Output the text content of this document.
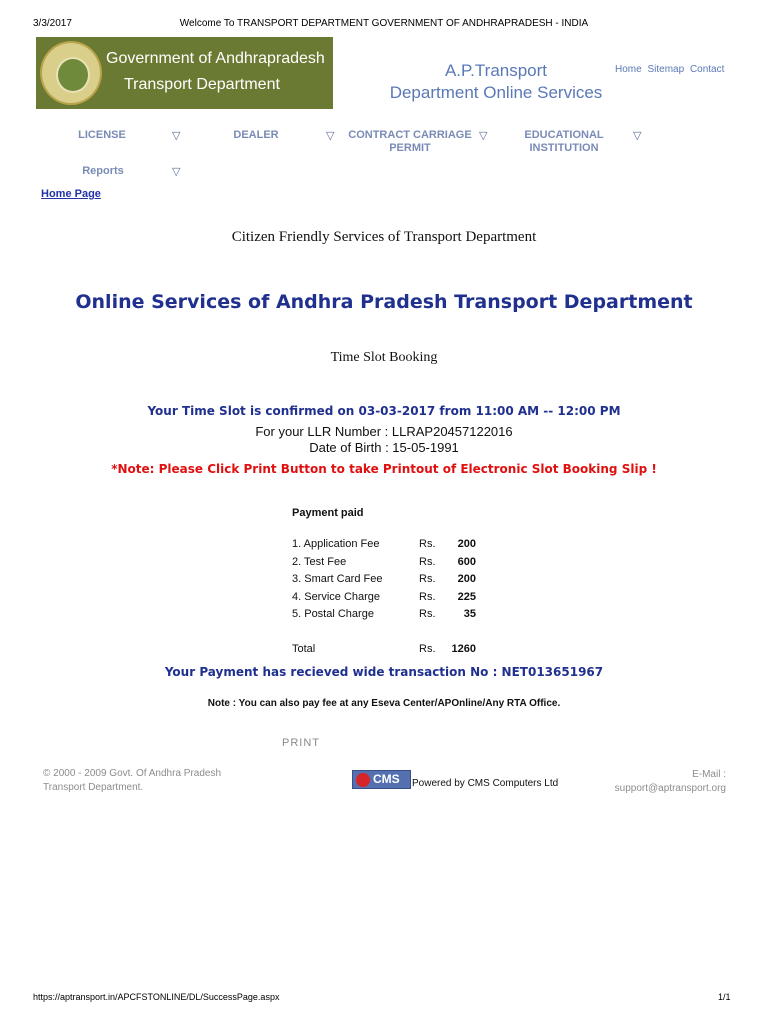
3/3/2017	Welcome To TRANSPORT DEPARTMENT GOVERNMENT OF ANDHRAPRADESH - INDIA
Government of Andhrapradesh
Transport Department
A.P.Transport
Department Online Services
Home Sitemap Contact
LICENSE	▽	DEALER	▽ CONTRACT CARRIAGE PERMIT
▽	EDUCATIONAL INSTITUTION
▽
Reports	▽
Home Page
Citizen Friendly Services of Transport Department
Online Services of Andhra Pradesh Transport Department
Time Slot Booking
Your Time Slot is confirmed on 03-03-2017 from 11:00 AM -- 12:00 PM
For your LLR Number : LLRAP20457122016
Date of Birth : 15-05-1991
*Note: Please Click Print Button to take Printout of Electronic Slot Booking Slip !
Payment paid
1. Application Fee	Rs.	200
2. Test Fee	Rs.	600
3. Smart Card Fee	Rs.	200
4. Service Charge	Rs.	225
5. Postal Charge	Rs.	35
Total	Rs.	1260
Your Payment has recieved wide transaction No : NET013651967
Note : You can also pay fee at any Eseva Center/APOnline/Any RTA Office.
PRINT
© 2000 - 2009 Govt. Of Andhra Pradesh
Transport Department.
CMS Powered by CMS Computers Ltd
E-Mail :
support@aptransport.org
https://aptransport.in/APCFSTONLINE/DL/SuccessPage.aspx	1/1
